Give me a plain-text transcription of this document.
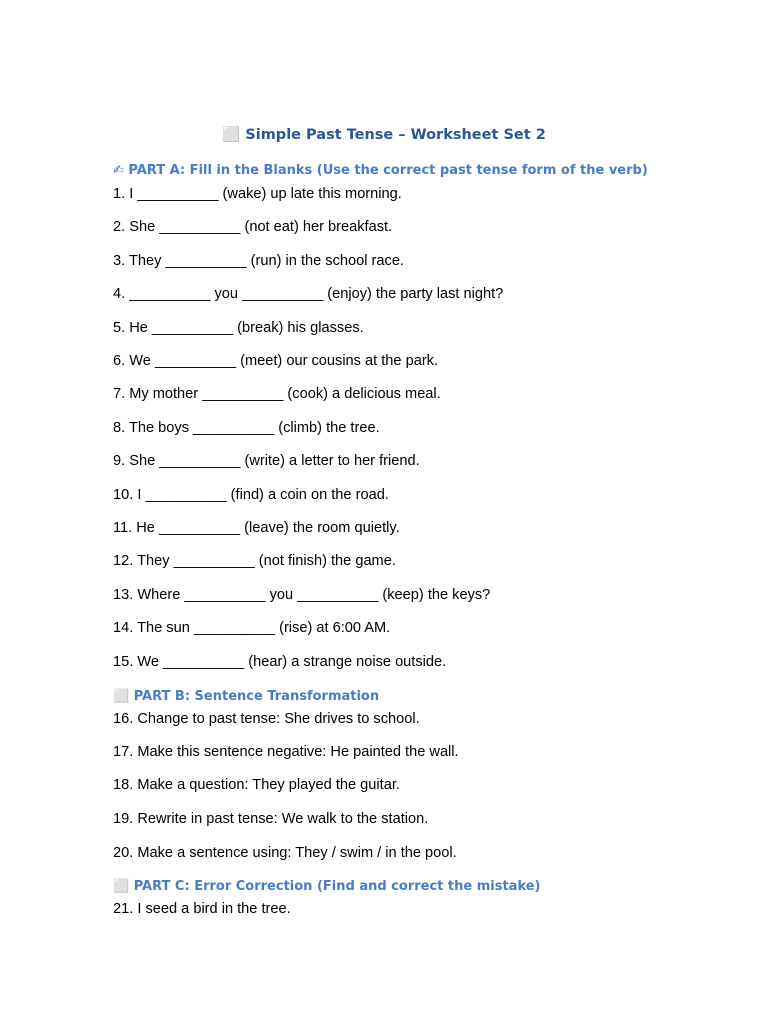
⬜ Simple Past Tense – Worksheet Set 2
✍ PART A: Fill in the Blanks (Use the correct past tense form of the verb)
1. I __________ (wake) up late this morning.
2. She __________ (not eat) her breakfast.
3. They __________ (run) in the school race.
4. __________ you __________ (enjoy) the party last night?
5. He __________ (break) his glasses.
6. We __________ (meet) our cousins at the park.
7. My mother __________ (cook) a delicious meal.
8. The boys __________ (climb) the tree.
9. She __________ (write) a letter to her friend.
10. I __________ (find) a coin on the road.
11. He __________ (leave) the room quietly.
12. They __________ (not finish) the game.
13. Where __________ you __________ (keep) the keys?
14. The sun __________ (rise) at 6:00 AM.
15. We __________ (hear) a strange noise outside.
⬜ PART B: Sentence Transformation
16. Change to past tense: She drives to school.
17. Make this sentence negative: He painted the wall.
18. Make a question: They played the guitar.
19. Rewrite in past tense: We walk to the station.
20. Make a sentence using: They / swim / in the pool.
⬜ PART C: Error Correction (Find and correct the mistake)
21. I seed a bird in the tree.
